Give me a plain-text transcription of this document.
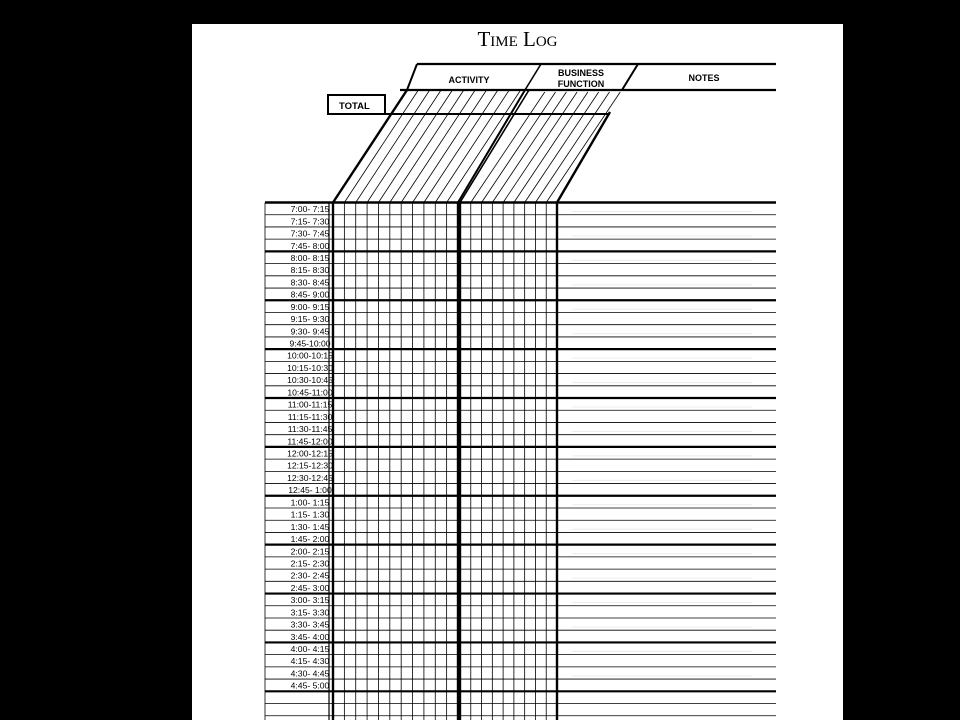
Time Log
7:00- 7:15
7:15- 7:30
7:30- 7:45
7:45- 8:00
8:00- 8:15
8:15- 8:30
8:30- 8:45
8:45- 9:00
9:00- 9:15
9:15- 9:30
9:30- 9:45
9:45-10:00
10:00-10:15
10:15-10:30
10:30-10:45
10:45-11:00
11:00-11:15
11:15-11:30
11:30-11:45
11:45-12:00
12:00-12:15
12:15-12:30
12:30-12:45
12:45- 1:00
1:00- 1:15
1:15- 1:30
1:30- 1:45
1:45- 2:00
2:00- 2:15
2:15- 2:30
2:30- 2:45
2:45- 3:00
3:00- 3:15
3:15- 3:30
3:30- 3:45
3:45- 4:00
4:00- 4:15
4:15- 4:30
4:30- 4:45
4:45- 5:00
ACTIVITY
BUSINESS
FUNCTION
NOTES
TOTAL
